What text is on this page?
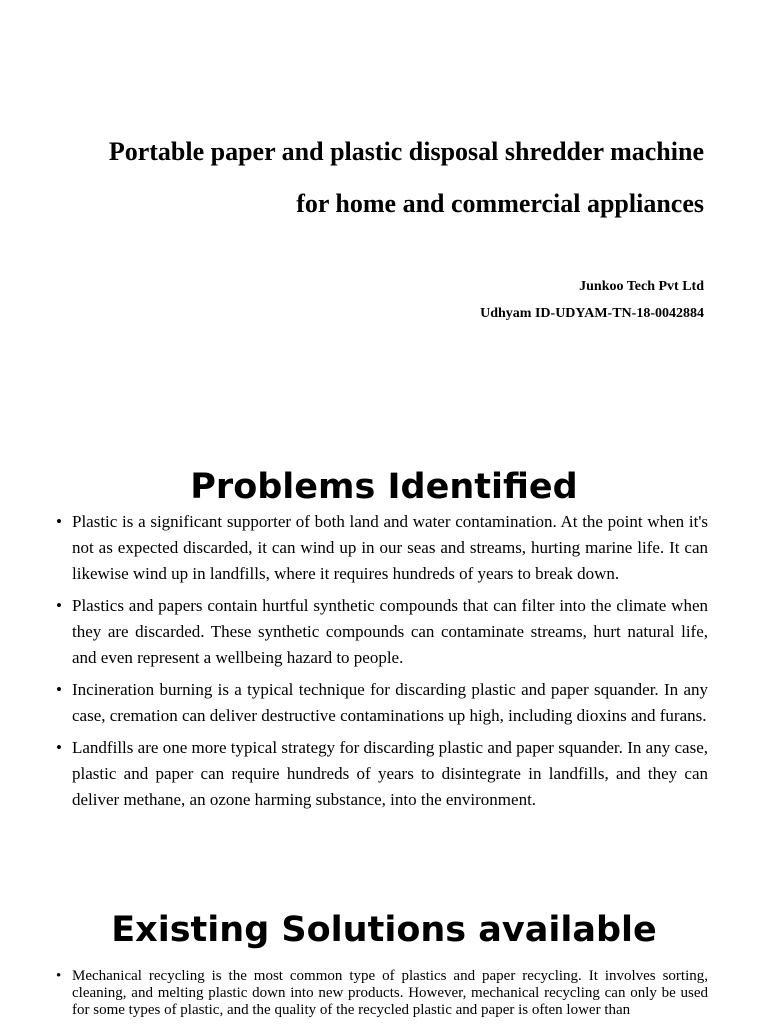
Portable paper and plastic disposal shredder machine
for home and commercial appliances
Junkoo Tech Pvt Ltd
Udhyam ID-UDYAM-TN-18-0042884
Problems Identified
• Plastic is a significant supporter of both land and water contamination. At the point when it's not as expected discarded, it can wind up in our seas and streams, hurting marine life. It can likewise wind up in landfills, where it requires hundreds of years to break down.
• Plastics and papers contain hurtful synthetic compounds that can filter into the climate when they are discarded. These synthetic compounds can contaminate streams, hurt natural life, and even represent a wellbeing hazard to people.
• Incineration burning is a typical technique for discarding plastic and paper squander. In any case, cremation can deliver destructive contaminations up high, including dioxins and furans.
• Landfills are one more typical strategy for discarding plastic and paper squander. In any case, plastic and paper can require hundreds of years to disintegrate in landfills, and they can deliver methane, an ozone harming substance, into the environment.
Existing Solutions available
• Mechanical recycling is the most common type of plastics and paper recycling. It involves sorting, cleaning, and melting plastic down into new products. However, mechanical recycling can only be used for some types of plastic, and the quality of the recycled plastic and paper is often lower than
